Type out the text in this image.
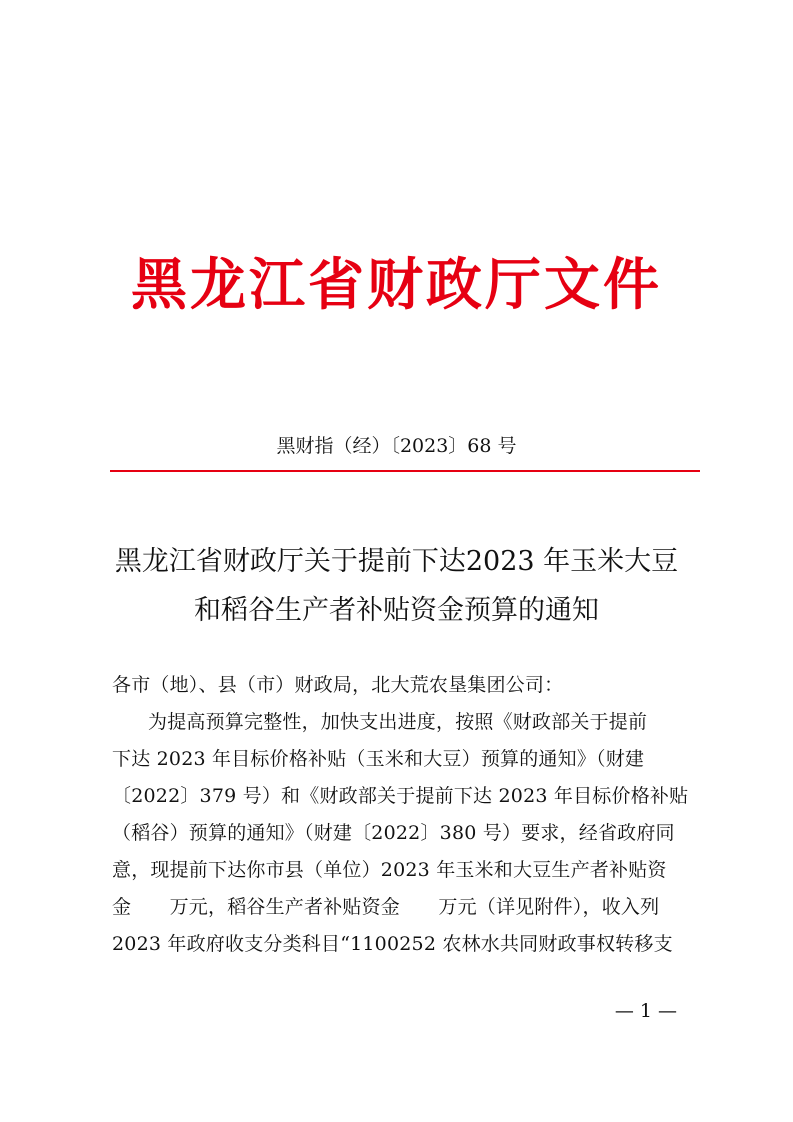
黑龙江省财政厅文件
黑财指（经）〔2023〕68 号
黑龙江省财政厅关于提前下达2023 年玉米大豆
和稻谷生产者补贴资金预算的通知
各市（地）、县（市）财政局，北大荒农垦集团公司：
为提高预算完整性，加快支出进度，按照《财政部关于提前
下达 2023 年目标价格补贴（玉米和大豆）预算的通知》（财建
〔2022〕379 号）和《财政部关于提前下达 2023 年目标价格补贴
（稻谷）预算的通知》（财建〔2022〕380 号）要求，经省政府同
意，现提前下达你市县（单位）2023 年玉米和大豆生产者补贴资
金　　万元，稻谷生产者补贴资金　　万元（详见附件），收入列
2023 年政府收支分类科目“1100252 农林水共同财政事权转移支
— 1 —
